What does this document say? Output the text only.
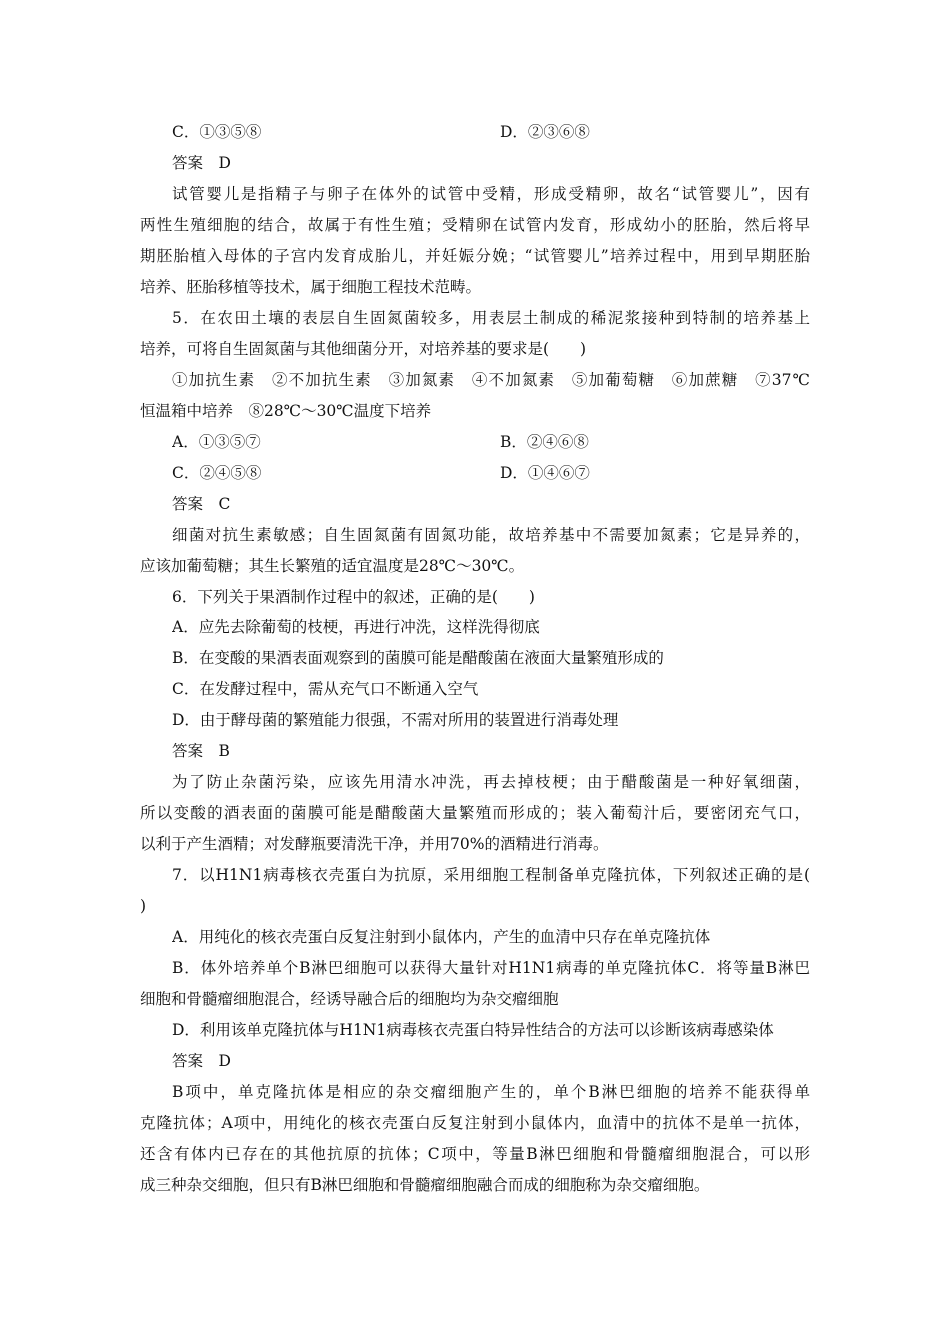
C．①③⑤⑧	D．②③⑥⑧
答案　D
试管婴儿是指精子与卵子在体外的试管中受精，形成受精卵，故名“试管婴儿”，因有
两性生殖细胞的结合，故属于有性生殖；受精卵在试管内发育，形成幼小的胚胎，然后将早
期胚胎植入母体的子宫内发育成胎儿，并妊娠分娩；“试管婴儿”培养过程中，用到早期胚胎
培养、胚胎移植等技术，属于细胞工程技术范畴。
5．在农田土壤的表层自生固氮菌较多，用表层土制成的稀泥浆接种到特制的培养基上
培养，可将自生固氮菌与其他细菌分开，对培养基的要求是(　　)
①加抗生素　②不加抗生素　③加氮素　④不加氮素　⑤加葡萄糖　⑥加蔗糖　⑦37℃
恒温箱中培养　⑧28℃～30℃温度下培养
A．①③⑤⑦	B．②④⑥⑧
C．②④⑤⑧	D．①④⑥⑦
答案　C
细菌对抗生素敏感；自生固氮菌有固氮功能，故培养基中不需要加氮素；它是异养的，
应该加葡萄糖；其生长繁殖的适宜温度是28℃～30℃。
6．下列关于果酒制作过程中的叙述，正确的是(　　)
A．应先去除葡萄的枝梗，再进行冲洗，这样洗得彻底
B．在变酸的果酒表面观察到的菌膜可能是醋酸菌在液面大量繁殖形成的
C．在发酵过程中，需从充气口不断通入空气
D．由于酵母菌的繁殖能力很强，不需对所用的装置进行消毒处理
答案　B
为了防止杂菌污染，应该先用清水冲洗，再去掉枝梗；由于醋酸菌是一种好氧细菌，
所以变酸的酒表面的菌膜可能是醋酸菌大量繁殖而形成的；装入葡萄汁后，要密闭充气口，
以利于产生酒精；对发酵瓶要清洗干净，并用70%的酒精进行消毒。
7．以H1N1病毒核衣壳蛋白为抗原，采用细胞工程制备单克隆抗体，下列叙述正确的是(
)
A．用纯化的核衣壳蛋白反复注射到小鼠体内，产生的血清中只存在单克隆抗体
B．体外培养单个B淋巴细胞可以获得大量针对H1N1病毒的单克隆抗体C．将等量B淋巴
细胞和骨髓瘤细胞混合，经诱导融合后的细胞均为杂交瘤细胞
D．利用该单克隆抗体与H1N1病毒核衣壳蛋白特异性结合的方法可以诊断该病毒感染体
答案　D
B项中，单克隆抗体是相应的杂交瘤细胞产生的，单个B淋巴细胞的培养不能获得单
克隆抗体；A项中，用纯化的核衣壳蛋白反复注射到小鼠体内，血清中的抗体不是单一抗体，
还含有体内已存在的其他抗原的抗体；C项中，等量B淋巴细胞和骨髓瘤细胞混合，可以形
成三种杂交细胞，但只有B淋巴细胞和骨髓瘤细胞融合而成的细胞称为杂交瘤细胞。
